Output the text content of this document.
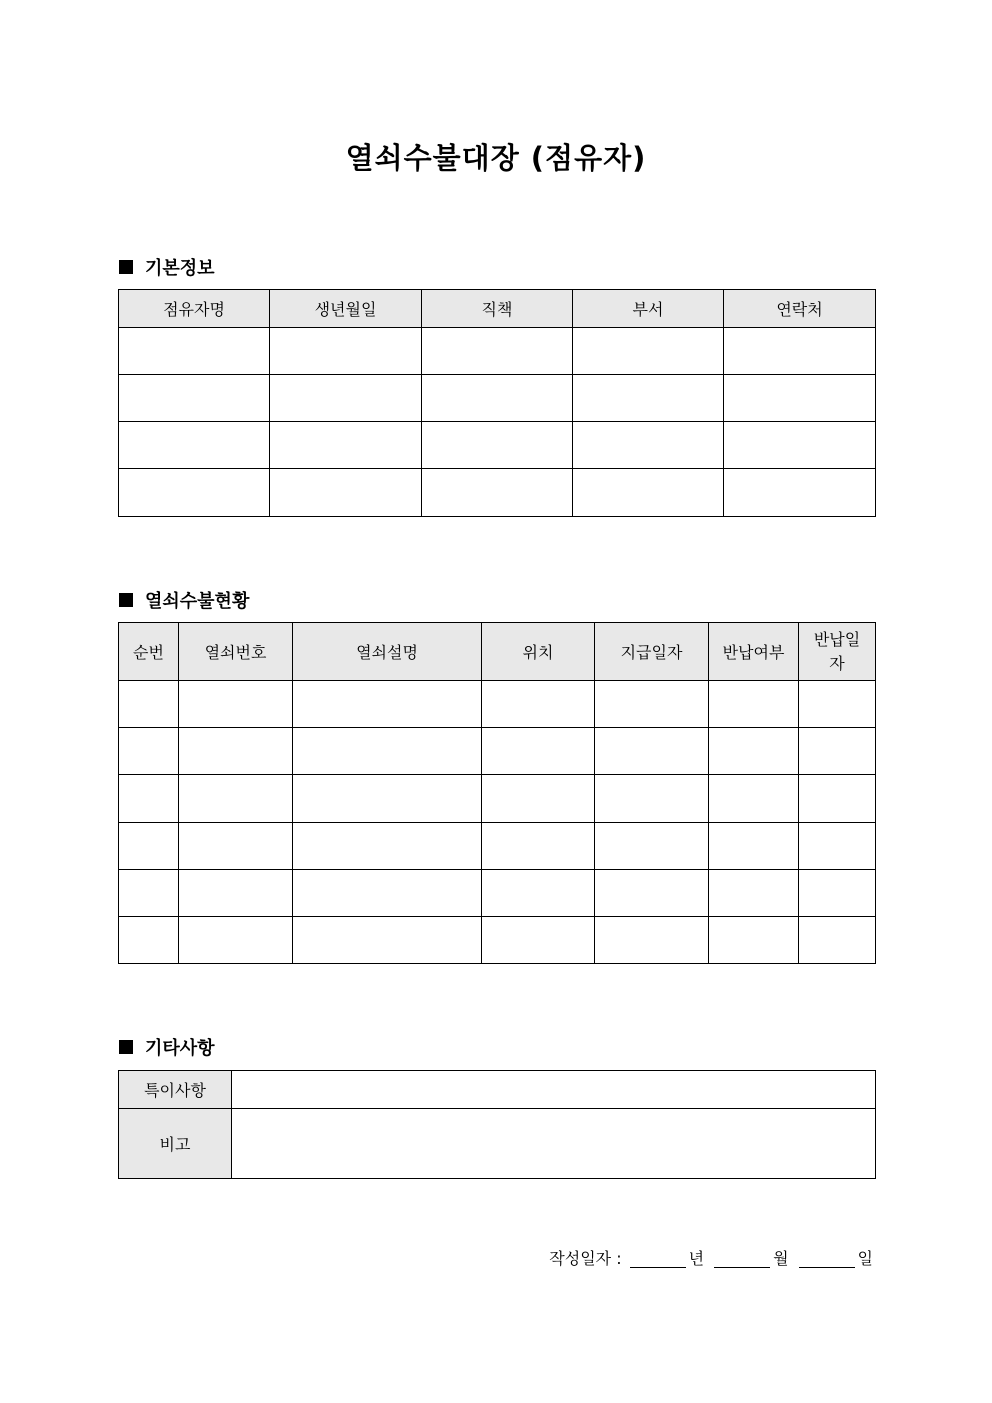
열쇠수불대장 (점유자)
기본정보
점유자명	생년월일	직책	부서	연락처

열쇠수불현황
순번	열쇠번호	열쇠설명	위치	지급일자	반납여부	반납일자

기타사항
특이사항	
비고	
작성일자 :	년	월	일
